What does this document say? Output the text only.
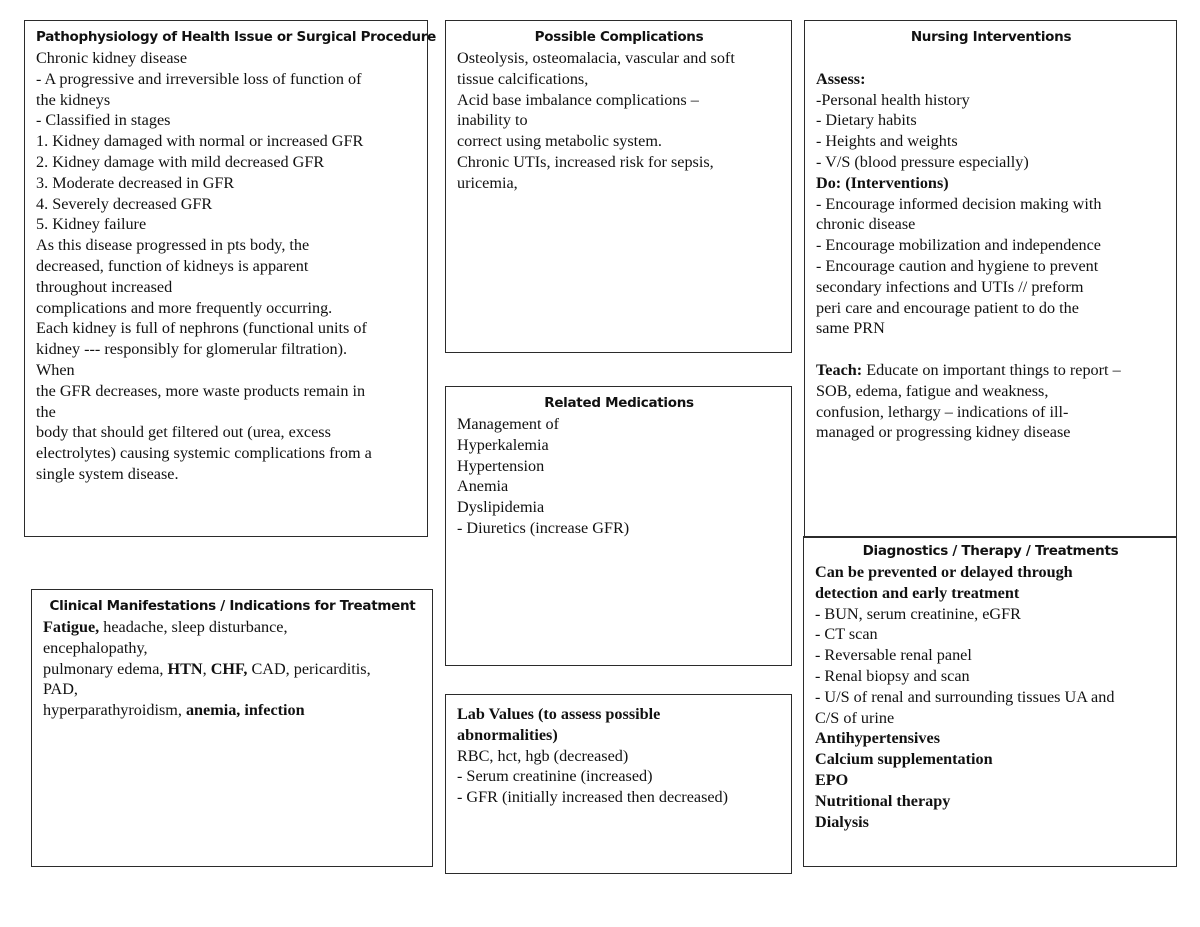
Pathophysiology of Health Issue or Surgical Procedure
Chronic kidney disease
- A progressive and irreversible loss of function of
the kidneys
- Classified in stages
1. Kidney damaged with normal or increased GFR
2. Kidney damage with mild decreased GFR
3. Moderate decreased in GFR
4. Severely decreased GFR
5. Kidney failure
As this disease progressed in pts body, the
decreased, function of kidneys is apparent
throughout increased
complications and more frequently occurring.
Each kidney is full of nephrons (functional units of
kidney --- responsibly for glomerular filtration).
When
the GFR decreases, more waste products remain in
the
body that should get filtered out (urea, excess
electrolytes) causing systemic complications from a
single system disease.
Possible Complications
Osteolysis, osteomalacia, vascular and soft
tissue calcifications,
Acid base imbalance complications –
inability to
correct using metabolic system.
Chronic UTIs, increased risk for sepsis,
uricemia,
Nursing Interventions
Assess:
-Personal health history
- Dietary habits
- Heights and weights
- V/S (blood pressure especially)
Do: (Interventions)
- Encourage informed decision making with
chronic disease
- Encourage mobilization and independence
- Encourage caution and hygiene to prevent
secondary infections and UTIs // preform
peri care and encourage patient to do the
same PRN
Teach: Educate on important things to report –
SOB, edema, fatigue and weakness,
confusion, lethargy – indications of ill-
managed or progressing kidney disease
Related Medications
Management of
Hyperkalemia
Hypertension
Anemia
Dyslipidemia
- Diuretics (increase GFR)
Diagnostics / Therapy / Treatments
Can be prevented or delayed through
detection and early treatment
- BUN, serum creatinine, eGFR
- CT scan
- Reversable renal panel
- Renal biopsy and scan
- U/S of renal and surrounding tissues UA and
C/S of urine
Antihypertensives
Calcium supplementation
EPO
Nutritional therapy
Dialysis
Clinical Manifestations / Indications for Treatment
Fatigue, headache, sleep disturbance,
encephalopathy,
pulmonary edema, HTN, CHF, CAD, pericarditis,
PAD,
hyperparathyroidism, anemia, infection	Lab Values (to assess possible
abnormalities)
RBC, hct, hgb (decreased)
- Serum creatinine (increased)
- GFR (initially increased then decreased)
